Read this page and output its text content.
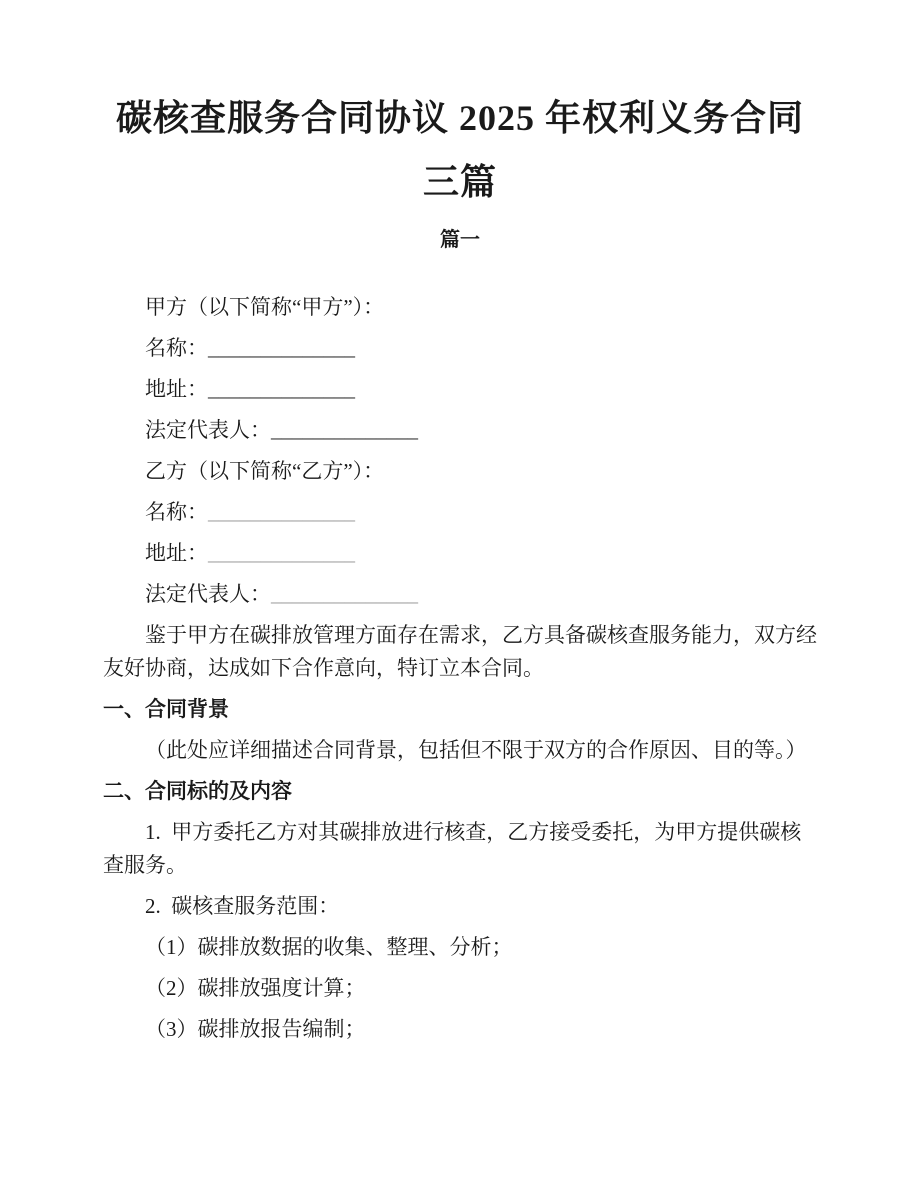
碳核查服务合同协议 2025 年权利义务合同三篇
篇一

甲方（以下简称“甲方”）：

名称：______________

地址：______________

法定代表人：______________

乙方（以下简称“乙方”）：

名称：______________

地址：______________

法定代表人：______________

鉴于甲方在碳排放管理方面存在需求，乙方具备碳核查服务能力，双方经友好协商，达成如下合作意向，特订立本合同。

一、合同背景

（此处应详细描述合同背景，包括但不限于双方的合作原因、目的等。）

二、合同标的及内容

1.  甲方委托乙方对其碳排放进行核查，乙方接受委托，为甲方提供碳核查服务。

2.  碳核查服务范围：

（1）碳排放数据的收集、整理、分析；

（2）碳排放强度计算；

（3）碳排放报告编制；
